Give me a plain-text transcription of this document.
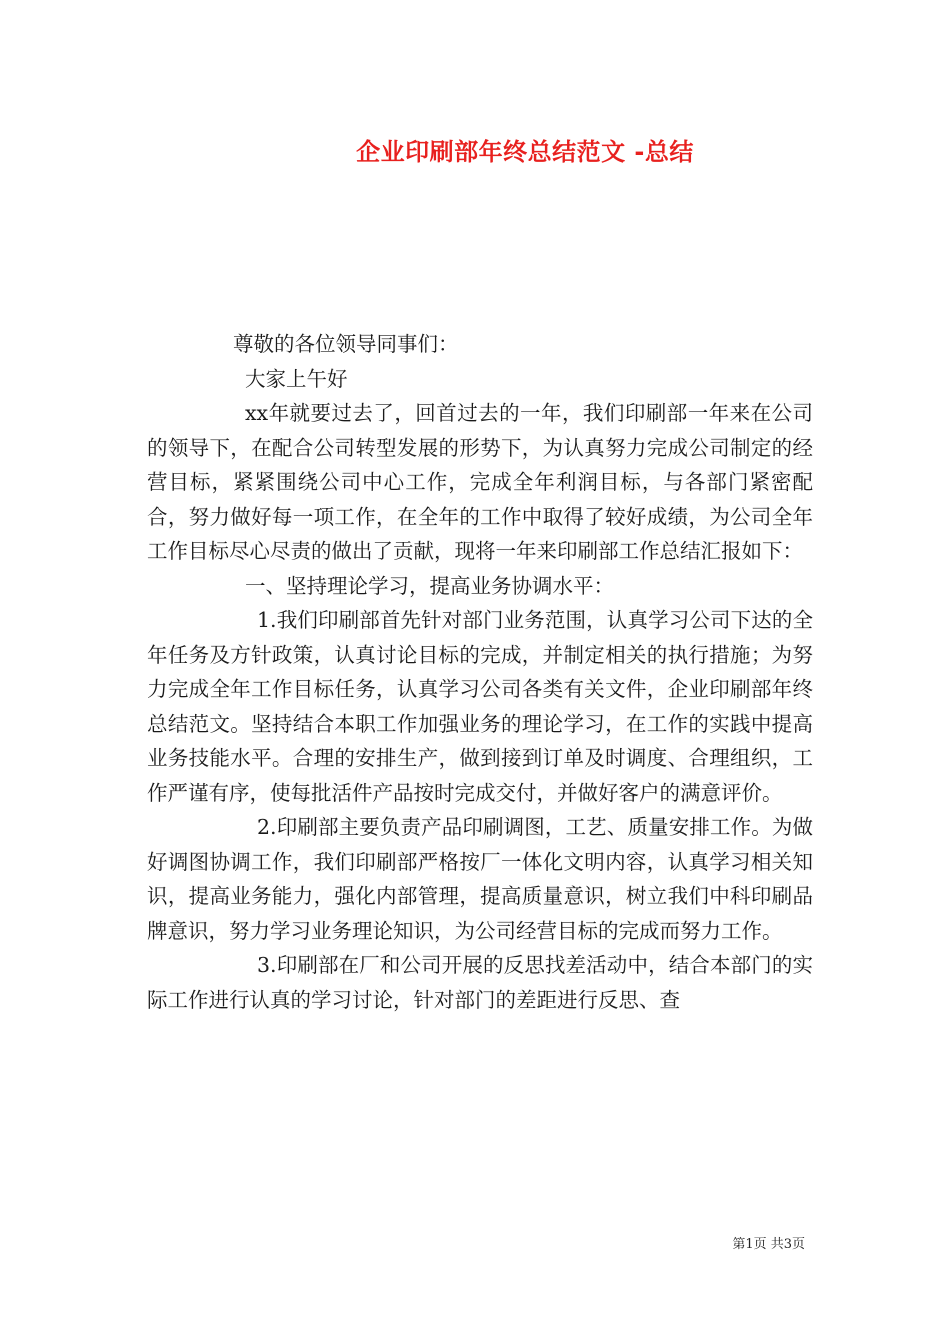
企业印刷部年终总结范文 -总结
尊敬的各位领导同事们：
大家上午好
xx年就要过去了，回首过去的一年，我们印刷部一年来在公司的领导下，在配合公司转型发展的形势下，为认真努力完成公司制定的经营目标，紧紧围绕公司中心工作，完成全年利润目标，与各部门紧密配合，努力做好每一项工作，在全年的工作中取得了较好成绩，为公司全年工作目标尽心尽责的做出了贡献，现将一年来印刷部工作总结汇报如下：
一、坚持理论学习，提高业务协调水平：
1.我们印刷部首先针对部门业务范围，认真学习公司下达的全年任务及方针政策，认真讨论目标的完成，并制定相关的执行措施；为努力完成全年工作目标任务，认真学习公司各类有关文件，企业印刷部年终总结范文。坚持结合本职工作加强业务的理论学习，在工作的实践中提高业务技能水平。合理的安排生产，做到接到订单及时调度、合理组织，工作严谨有序，使每批活件产品按时完成交付，并做好客户的满意评价。
2.印刷部主要负责产品印刷调图，工艺、质量安排工作。为做好调图协调工作，我们印刷部严格按厂一体化文明内容，认真学习相关知识，提高业务能力，强化内部管理，提高质量意识，树立我们中科印刷品牌意识，努力学习业务理论知识，为公司经营目标的完成而努力工作。
3.印刷部在厂和公司开展的反思找差活动中，结合本部门的实际工作进行认真的学习讨论，针对部门的差距进行反思、查
第1页 共3页
